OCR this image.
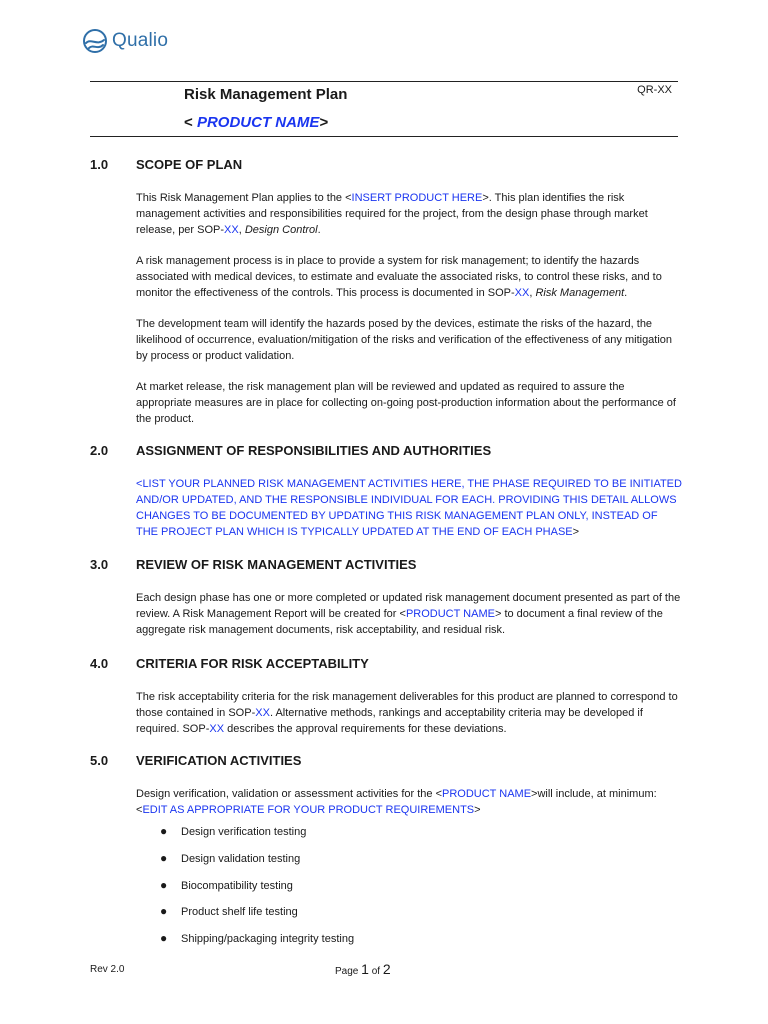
Qualio
Risk Management Plan	QR-XX
< PRODUCT NAME>
1.0	SCOPE OF PLAN

This Risk Management Plan applies to the <INSERT PRODUCT HERE>. This plan identifies the risk management activities and responsibilities required for the project, from the design phase through market release, per SOP-XX, Design Control.

A risk management process is in place to provide a system for risk management; to identify the hazards associated with medical devices, to estimate and evaluate the associated risks, to control these risks, and to monitor the effectiveness of the controls. This process is documented in SOP-XX, Risk Management.

The development team will identify the hazards posed by the devices, estimate the risks of the hazard, the likelihood of occurrence, evaluation/mitigation of the risks and verification of the effectiveness of any mitigation by process or product validation.

At market release, the risk management plan will be reviewed and updated as required to assure the appropriate measures are in place for collecting on-going post-production information about the performance of the product.

2.0	ASSIGNMENT OF RESPONSIBILITIES AND AUTHORITIES

<LIST YOUR PLANNED RISK MANAGEMENT ACTIVITIES HERE, THE PHASE REQUIRED TO BE INITIATED AND/OR UPDATED, AND THE RESPONSIBLE INDIVIDUAL FOR EACH. PROVIDING THIS DETAIL ALLOWS CHANGES TO BE DOCUMENTED BY UPDATING THIS RISK MANAGEMENT PLAN ONLY, INSTEAD OF THE PROJECT PLAN WHICH IS TYPICALLY UPDATED AT THE END OF EACH PHASE>

3.0	REVIEW OF RISK MANAGEMENT ACTIVITIES

Each design phase has one or more completed or updated risk management document presented as part of the review. A Risk Management Report will be created for <PRODUCT NAME> to document a final review of the aggregate risk management documents, risk acceptability, and residual risk.

4.0	CRITERIA FOR RISK ACCEPTABILITY

The risk acceptability criteria for the risk management deliverables for this product are planned to correspond to those contained in SOP-XX. Alternative methods, rankings and acceptability criteria may be developed if required. SOP-XX describes the approval requirements for these deviations.

5.0	VERIFICATION ACTIVITIES

Design verification, validation or assessment activities for the <PRODUCT NAME>will include, at minimum:<EDIT AS APPROPRIATE FOR YOUR PRODUCT REQUIREMENTS>

● Design verification testing
● Design validation testing
● Biocompatibility testing
● Product shelf life testing
● Shipping/packaging integrity testing
Rev 2.0	Page 1 of 2
